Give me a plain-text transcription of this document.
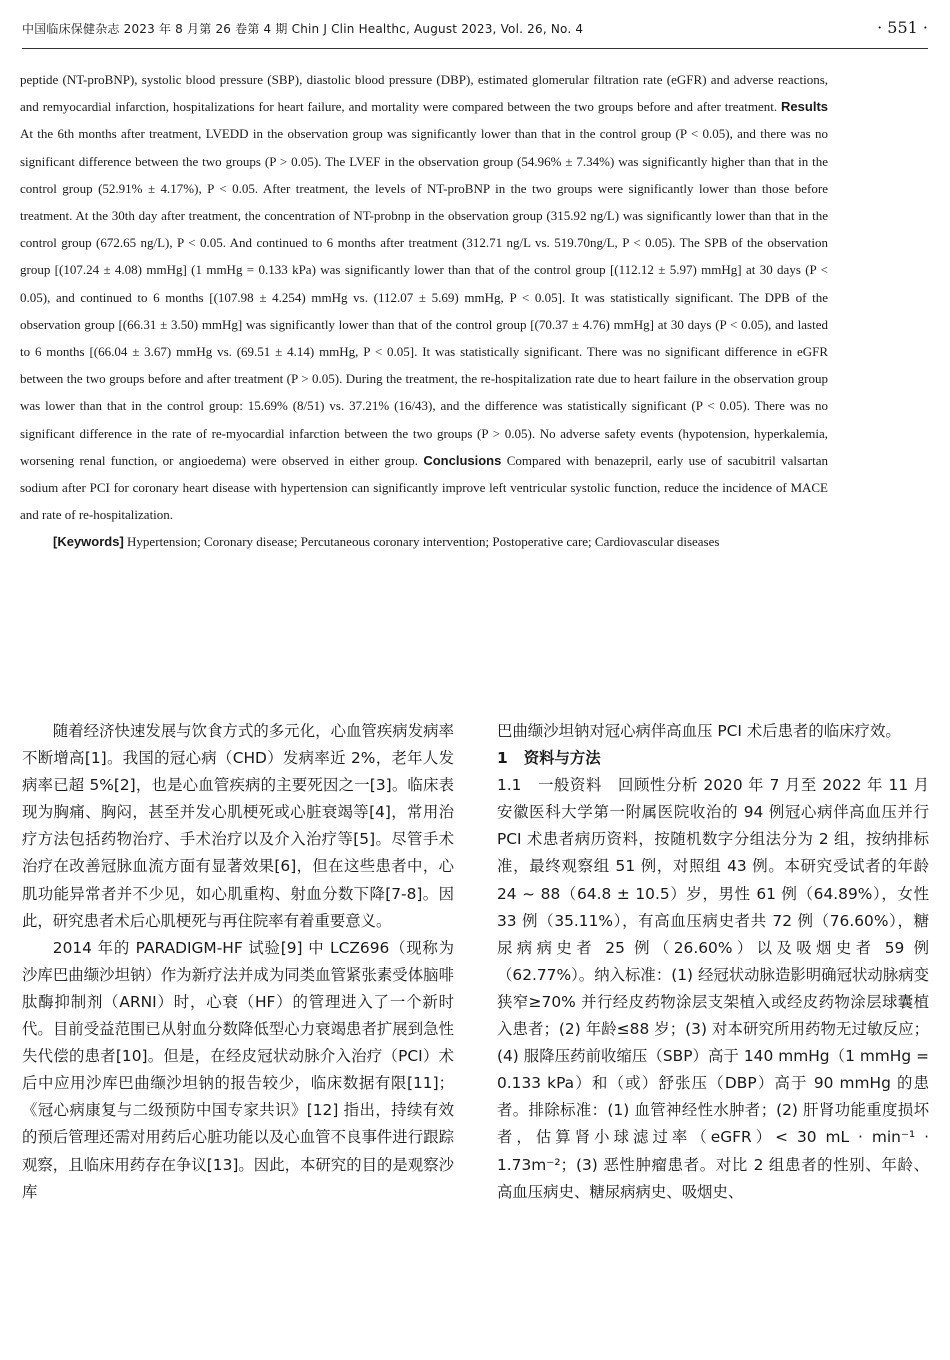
中国临床保健杂志 2023 年 8 月第 26 卷第 4 期 Chin J Clin Healthc, August 2023, Vol. 26, No. 4	· 551 ·

peptide (NT-proBNP), systolic blood pressure (SBP), diastolic blood pressure (DBP), estimated glomerular filtration rate (eGFR) and adverse reactions, and remyocardial infarction, hospitalizations for heart failure, and mortality were compared between the two groups before and after treatment. Results At the 6th months after treatment, LVEDD in the observation group was significantly lower than that in the control group (P < 0.05), and there was no significant difference between the two groups (P > 0.05). The LVEF in the observation group (54.96% ± 7.34%) was significantly higher than that in the control group (52.91% ± 4.17%), P < 0.05. After treatment, the levels of NT-proBNP in the two groups were significantly lower than those before treatment. At the 30th day after treatment, the concentration of NT-probnp in the observation group (315.92 ng/L) was significantly lower than that in the control group (672.65 ng/L), P < 0.05. And continued to 6 months after treatment (312.71 ng/L vs. 519.70ng/L, P < 0.05). The SPB of the observation group [(107.24 ± 4.08) mmHg] (1 mmHg = 0.133 kPa) was significantly lower than that of the control group [(112.12 ± 5.97) mmHg] at 30 days (P < 0.05), and continued to 6 months [(107.98 ± 4.254) mmHg vs. (112.07 ± 5.69) mmHg, P < 0.05]. It was statistically significant. The DPB of the observation group [(66.31 ± 3.50) mmHg] was significantly lower than that of the control group [(70.37 ± 4.76) mmHg] at 30 days (P < 0.05), and lasted to 6 months [(66.04 ± 3.67) mmHg vs. (69.51 ± 4.14) mmHg, P < 0.05]. It was statistically significant. There was no significant difference in eGFR between the two groups before and after treatment (P > 0.05). During the treatment, the re-hospitalization rate due to heart failure in the observation group was lower than that in the control group: 15.69% (8/51) vs. 37.21% (16/43), and the difference was statistically significant (P < 0.05). There was no significant difference in the rate of re-myocardial infarction between the two groups (P > 0.05). No adverse safety events (hypotension, hyperkalemia, worsening renal function, or angioedema) were observed in either group. Conclusions Compared with benazepril, early use of sacubitril valsartan sodium after PCI for coronary heart disease with hypertension can significantly improve left ventricular systolic function, reduce the incidence of MACE and rate of re-hospitalization.

[Keywords] Hypertension; Coronary disease; Percutaneous coronary intervention; Postoperative care; Cardiovascular diseases

随着经济快速发展与饮食方式的多元化，心血管疾病发病率不断增高[1]。我国的冠心病（CHD）发病率近 2%，老年人发病率已超 5%[2]，也是心血管疾病的主要死因之一[3]。临床表现为胸痛、胸闷，甚至并发心肌梗死或心脏衰竭等[4]，常用治疗方法包括药物治疗、手术治疗以及介入治疗等[5]。尽管手术治疗在改善冠脉血流方面有显著效果[6]，但在这些患者中，心肌功能异常者并不少见，如心肌重构、射血分数下降[7-8]。因此，研究患者术后心肌梗死与再住院率有着重要意义。

2014 年的 PARADIGM-HF 试验[9] 中 LCZ696（现称为沙库巴曲缬沙坦钠）作为新疗法并成为同类血管紧张素受体脑啡肽酶抑制剂（ARNI）时，心衰（HF）的管理进入了一个新时代。目前受益范围已从射血分数降低型心力衰竭患者扩展到急性失代偿的患者[10]。但是，在经皮冠状动脉介入治疗（PCI）术后中应用沙库巴曲缬沙坦钠的报告较少，临床数据有限[11]；《冠心病康复与二级预防中国专家共识》[12] 指出，持续有效的预后管理还需对用药后心脏功能以及心血管不良事件进行跟踪观察，且临床用药存在争议[13]。因此，本研究的目的是观察沙库

巴曲缬沙坦钠对冠心病伴高血压 PCI 术后患者的临床疗效。

1 资料与方法

1.1　一般资料　回顾性分析 2020 年 7 月至 2022 年 11 月安徽医科大学第一附属医院收治的 94 例冠心病伴高血压并行 PCI 术患者病历资料，按随机数字分组法分为 2 组，按纳排标准，最终观察组 51 例，对照组 43 例。本研究受试者的年龄 24 ~ 88（64.8 ± 10.5）岁，男性 61 例（64.89%），女性 33 例（35.11%），有高血压病史者共 72 例（76.60%），糖尿病病史者 25 例（26.60%）以及吸烟史者 59 例（62.77%）。纳入标准：(1) 经冠状动脉造影明确冠状动脉病变狭窄≥70% 并行经皮药物涂层支架植入或经皮药物涂层球囊植入患者；(2) 年龄≤88 岁；(3) 对本研究所用药物无过敏反应；(4) 服降压药前收缩压（SBP）高于 140 mmHg（1 mmHg = 0.133 kPa）和（或）舒张压（DBP）高于 90 mmHg 的患者。排除标准：(1) 血管神经性水肿者；(2) 肝肾功能重度损坏者，估算肾小球滤过率（eGFR）< 30 mL · min⁻¹ · 1.73m⁻²；(3) 恶性肿瘤患者。对比 2 组患者的性别、年龄、高血压病史、糖尿病病史、吸烟史、
